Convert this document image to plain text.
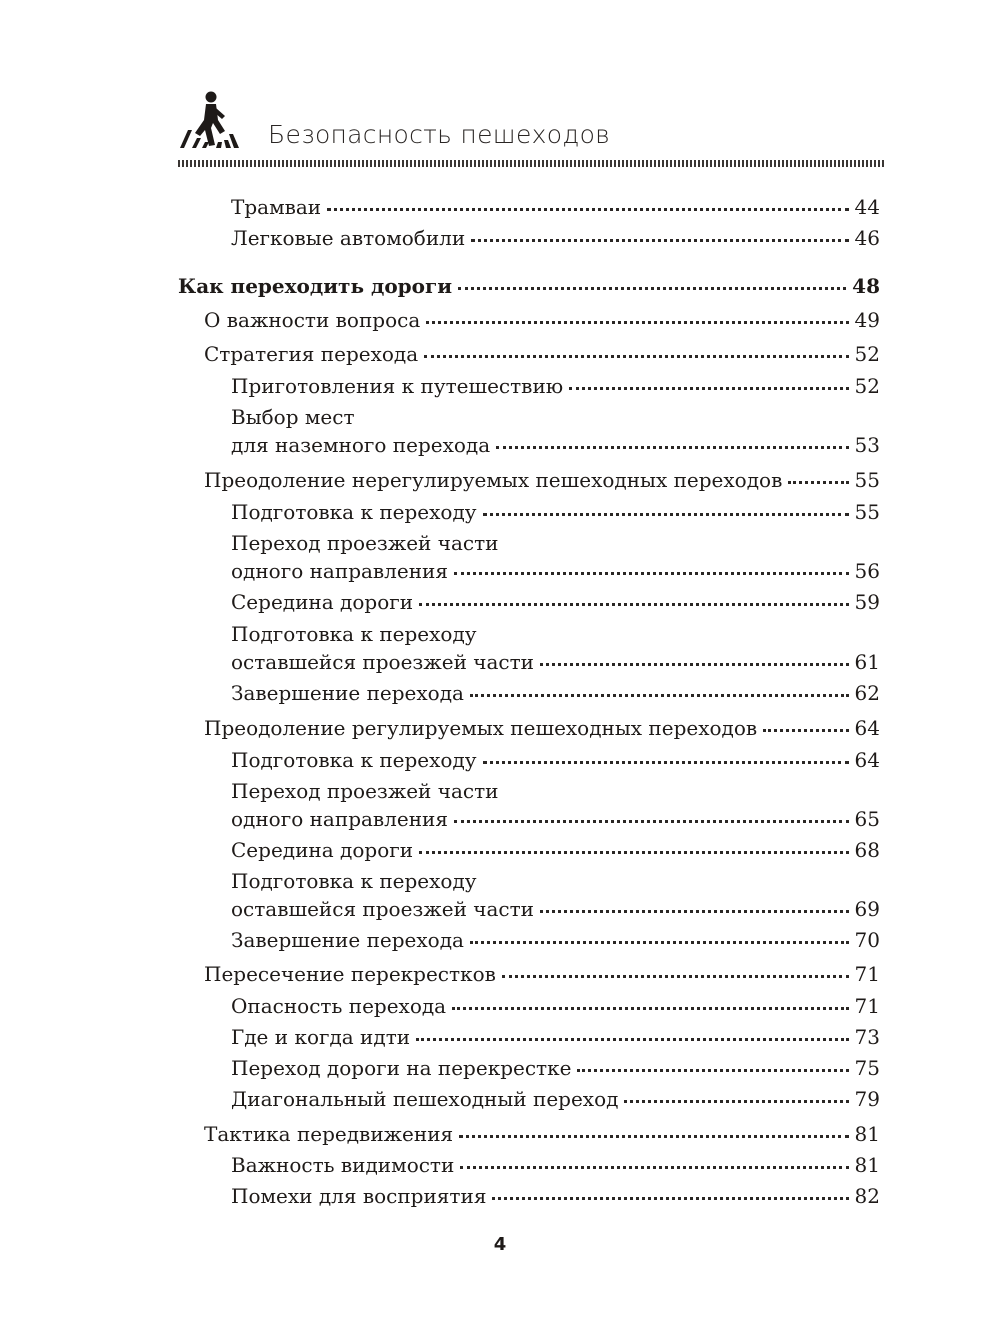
Безопасность пешеходов
Трамваи	44
Легковые автомобили	46
Как переходить дороги	48
О важности вопроса	49
Стратегия перехода	52
Приготовления к путешествию	52
Выбор мест
для наземного перехода	53
Преодоление нерегулируемых пешеходных переходов	55
Подготовка к переходу	55
Переход проезжей части
одного направления	56
Середина дороги	59
Подготовка к переходу
оставшейся проезжей части	61
Завершение перехода	62
Преодоление регулируемых пешеходных переходов	64
Подготовка к переходу	64
Переход проезжей части
одного направления	65
Середина дороги	68
Подготовка к переходу
оставшейся проезжей части	69
Завершение перехода	70
Пересечение перекрестков	71
Опасность перехода	71
Где и когда идти	73
Переход дороги на перекрестке	75
Диагональный пешеходный переход	79
Тактика передвижения	81
Важность видимости	81
Помехи для восприятия	82
4
